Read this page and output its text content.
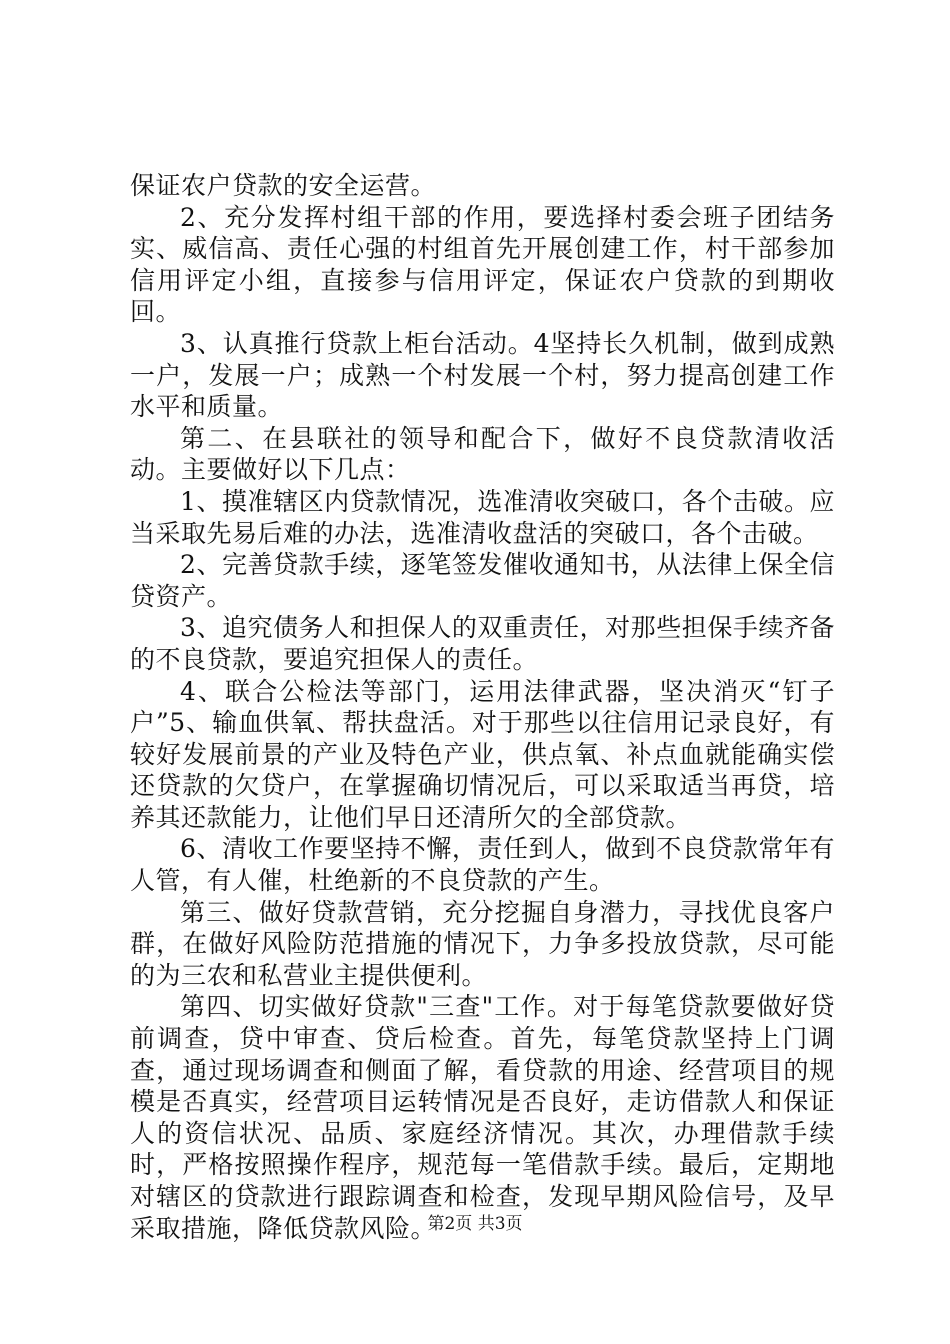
保证农户贷款的安全运营。

2、充分发挥村组干部的作用，要选择村委会班子团结务实、威信高、责任心强的村组首先开展创建工作，村干部参加信用评定小组，直接参与信用评定，保证农户贷款的到期收回。

3、认真推行贷款上柜台活动。4坚持长久机制，做到成熟一户，发展一户；成熟一个村发展一个村，努力提高创建工作水平和质量。

第二、在县联社的领导和配合下，做好不良贷款清收活动。主要做好以下几点：

1、摸准辖区内贷款情况，选准清收突破口，各个击破。应当采取先易后难的办法，选准清收盘活的突破口，各个击破。

2、完善贷款手续，逐笔签发催收通知书，从法律上保全信贷资产。

3、追究债务人和担保人的双重责任，对那些担保手续齐备的不良贷款，要追究担保人的责任。

4、联合公检法等部门，运用法律武器，坚决消灭“钉子户”5、输血供氧、帮扶盘活。对于那些以往信用记录良好，有较好发展前景的产业及特色产业，供点氧、补点血就能确实偿还贷款的欠贷户，在掌握确切情况后，可以采取适当再贷，培养其还款能力，让他们早日还清所欠的全部贷款。

6、清收工作要坚持不懈，责任到人，做到不良贷款常年有人管，有人催，杜绝新的不良贷款的产生。

第三、做好贷款营销，充分挖掘自身潜力，寻找优良客户群，在做好风险防范措施的情况下，力争多投放贷款，尽可能的为三农和私营业主提供便利。

第四、切实做好贷款"三查"工作。对于每笔贷款要做好贷前调查，贷中审查、贷后检查。首先，每笔贷款坚持上门调查，通过现场调查和侧面了解，看贷款的用途、经营项目的规模是否真实，经营项目运转情况是否良好，走访借款人和保证人的资信状况、品质、家庭经济情况。其次，办理借款手续时，严格按照操作程序，规范每一笔借款手续。最后，定期地对辖区的贷款进行跟踪调查和检查，发现早期风险信号，及早采取措施，降低贷款风险。

第2页 共3页
